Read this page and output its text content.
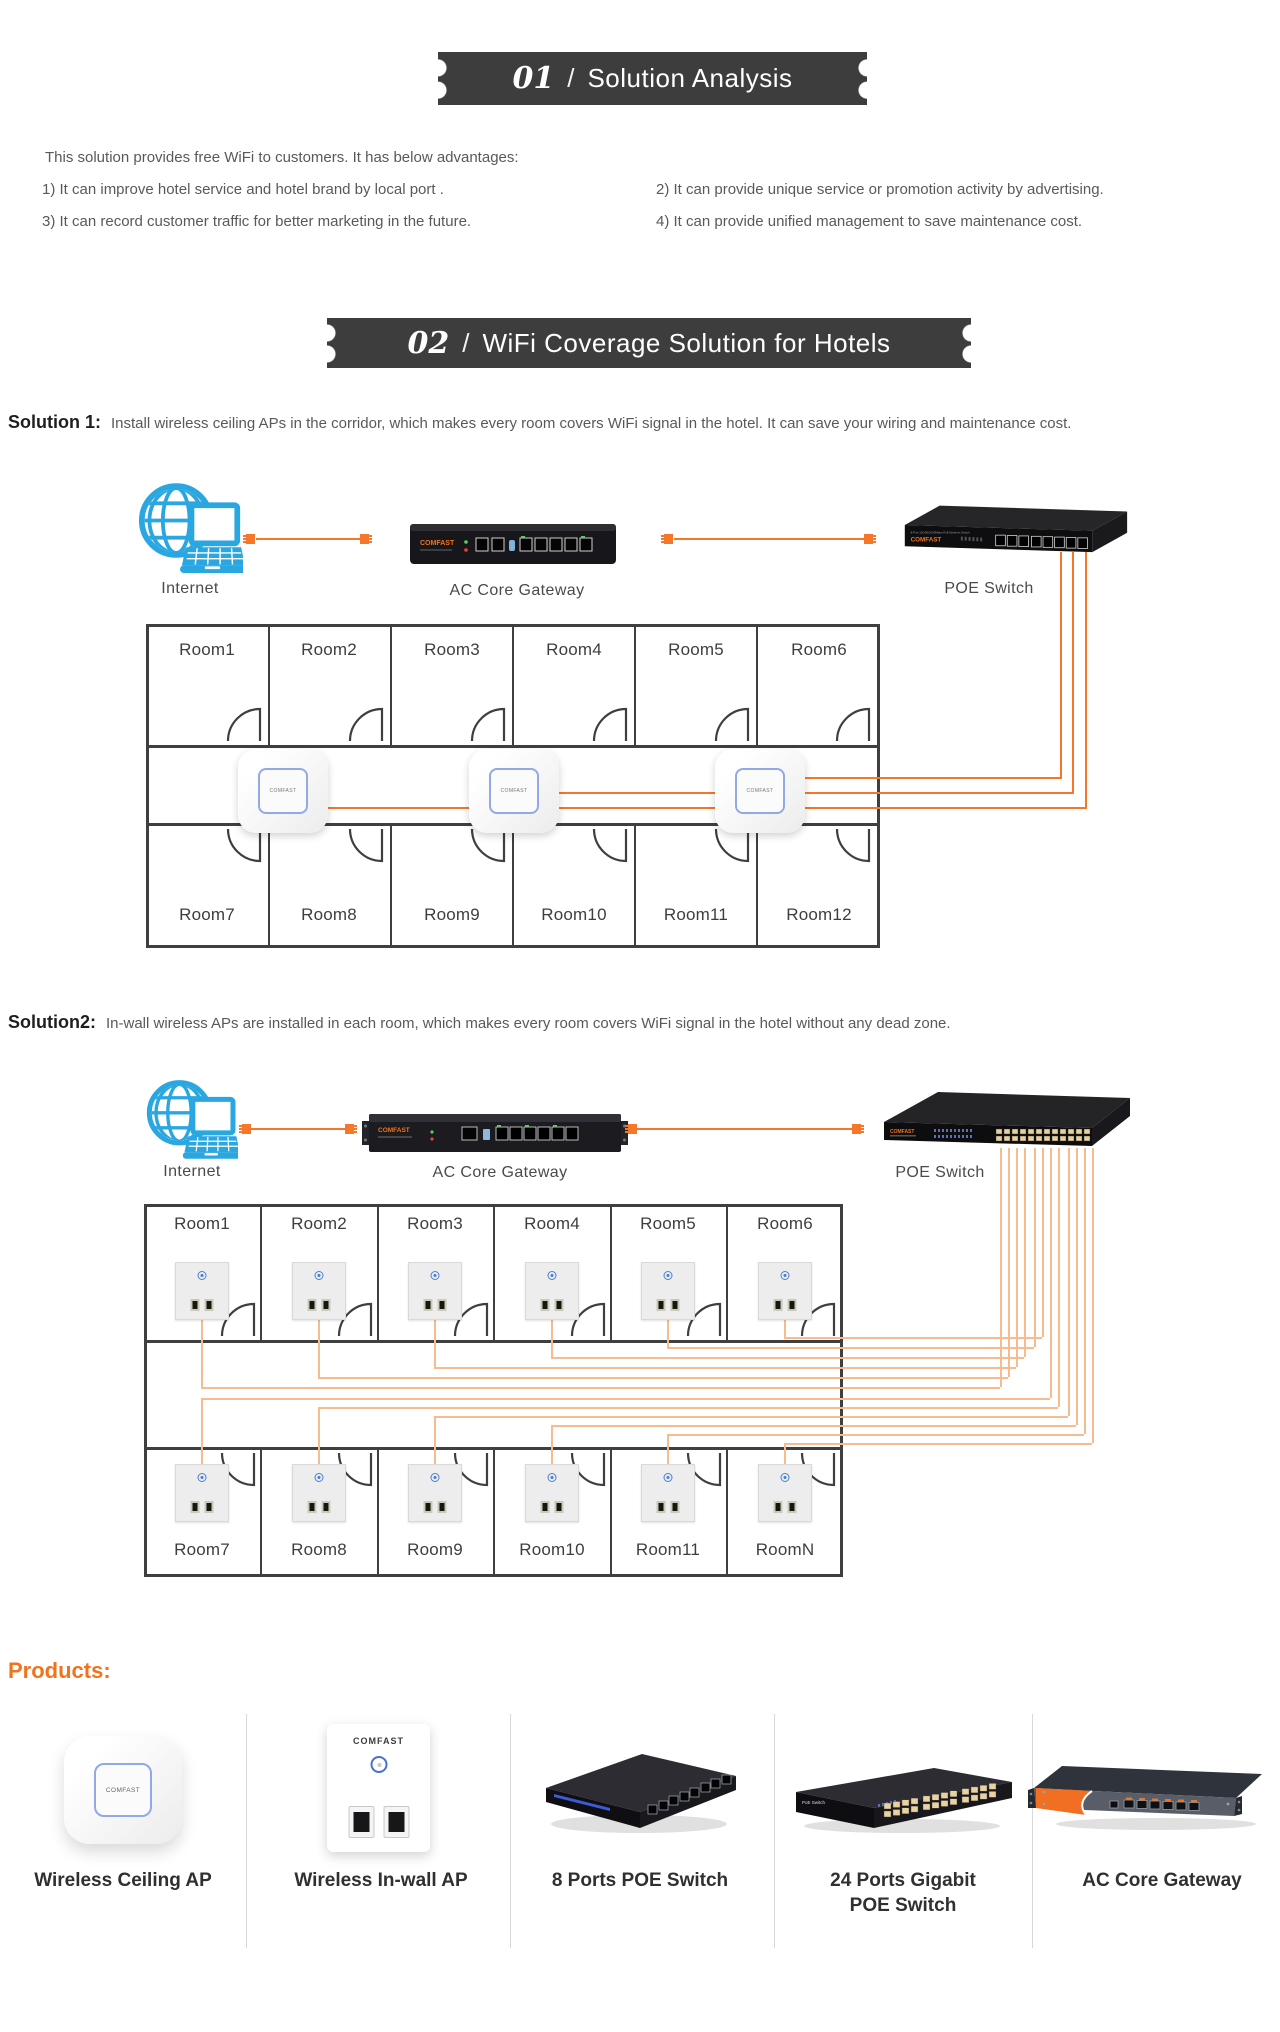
01 / Solution Analysis
This solution provides free WiFi to customers. It has below advantages:
1) It can improve hotel service and hotel brand by local port .	2) It can provide unique service or promotion activity by advertising.
3) It can record customer traffic for better marketing in the future.	4) It can provide unified management to save maintenance cost.
02 / WiFi Coverage Solution for Hotels
Solution 1: Install wireless ceiling APs in the corridor, which makes every room covers WiFi signal in the hotel. It can save your wiring and maintenance cost.
Internet
COMFAST
AC Core Gateway
8-Port 10/100/1000Mbps PoE Ethernet Switch
COMFAST
POE Switch
Room1	Room2	Room3	Room4	Room5	Room6
Room7	Room8	Room9	Room10	Room11	Room12
COMFAST	COMFAST	COMFAST
Solution2: In-wall wireless APs are installed in each room, which makes every room covers WiFi signal in the hotel without any dead zone.
Internet
COMFAST
AC Core Gateway
COMFAST
POE Switch
Room1	Room2	Room3	Room4	Room5	Room6
Room7	Room8	Room9	Room10	Room11	RoomN
Products:
COMFAST
Wireless Ceiling AP
COMFAST
Wireless In-wall AP	8 Ports POE Switch
PoE Switch
24 Ports Gigabit
POE Switch
AC Core Gateway
